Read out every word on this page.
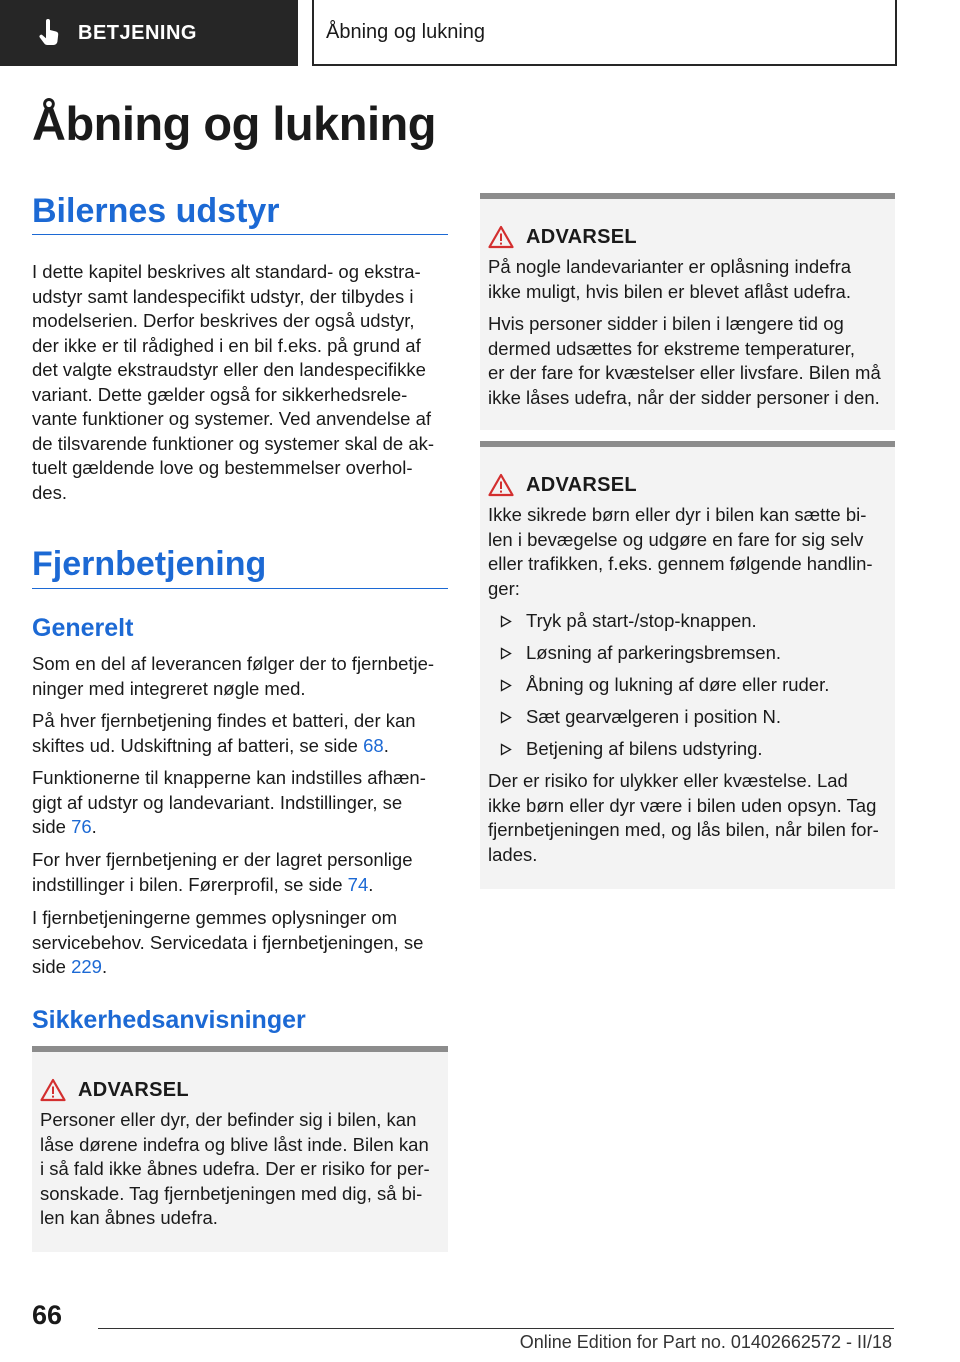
BETJENING	Åbning og lukning
Åbning og lukning
Bilernes udstyr
I dette kapitel beskrives alt standard- og ekstra-
udstyr samt landespecifikt udstyr, der tilbydes i
modelserien. Derfor beskrives der også udstyr,
der ikke er til rådighed i en bil f.eks. på grund af
det valgte ekstraudstyr eller den landespecifikke
variant. Dette gælder også for sikkerhedsrele-
vante funktioner og systemer. Ved anvendelse af
de tilsvarende funktioner og systemer skal de ak-
tuelt gældende love og bestemmelser overhol-
des.
Fjernbetjening
Generelt
Som en del af leverancen følger der to fjernbetje-
ninger med integreret nøgle med.
På hver fjernbetjening findes et batteri, der kan
skiftes ud. Udskiftning af batteri, se side 68.
Funktionerne til knapperne kan indstilles afhæn-
gigt af udstyr og landevariant. Indstillinger, se
side 76.
For hver fjernbetjening er der lagret personlige
indstillinger i bilen. Førerprofil, se side 74.
I fjernbetjeningerne gemmes oplysninger om
servicebehov. Servicedata i fjernbetjeningen, se
side 229.
Sikkerhedsanvisninger
ADVARSEL

Personer eller dyr, der befinder sig i bilen, kan

låse dørene indefra og blive låst inde. Bilen kan

i så fald ikke åbnes udefra. Der er risiko for per-

sonskade. Tag fjernbetjeningen med dig, så bi-

len kan åbnes udefra.

ADVARSEL

På nogle landevarianter er oplåsning indefra

ikke muligt, hvis bilen er blevet aflåst udefra.

Hvis personer sidder i bilen i længere tid og

dermed udsættes for ekstreme temperaturer,

er der fare for kvæstelser eller livsfare. Bilen må

ikke låses udefra, når der sidder personer i den.

ADVARSEL

Ikke sikrede børn eller dyr i bilen kan sætte bi-

len i bevægelse og udgøre en fare for sig selv

eller trafikken, f.eks. gennem følgende handlin-

ger:

Tryk på start-/stop-knappen.
Løsning af parkeringsbremsen.
Åbning og lukning af døre eller ruder.
Sæt gearvælgeren i position N.
Betjening af bilens udstyring.

Der er risiko for ulykker eller kvæstelse. Lad

ikke børn eller dyr være i bilen uden opsyn. Tag

fjernbetjeningen med, og lås bilen, når bilen for-

lades.

66
Online Edition for Part no. 01402662572 - II/18
